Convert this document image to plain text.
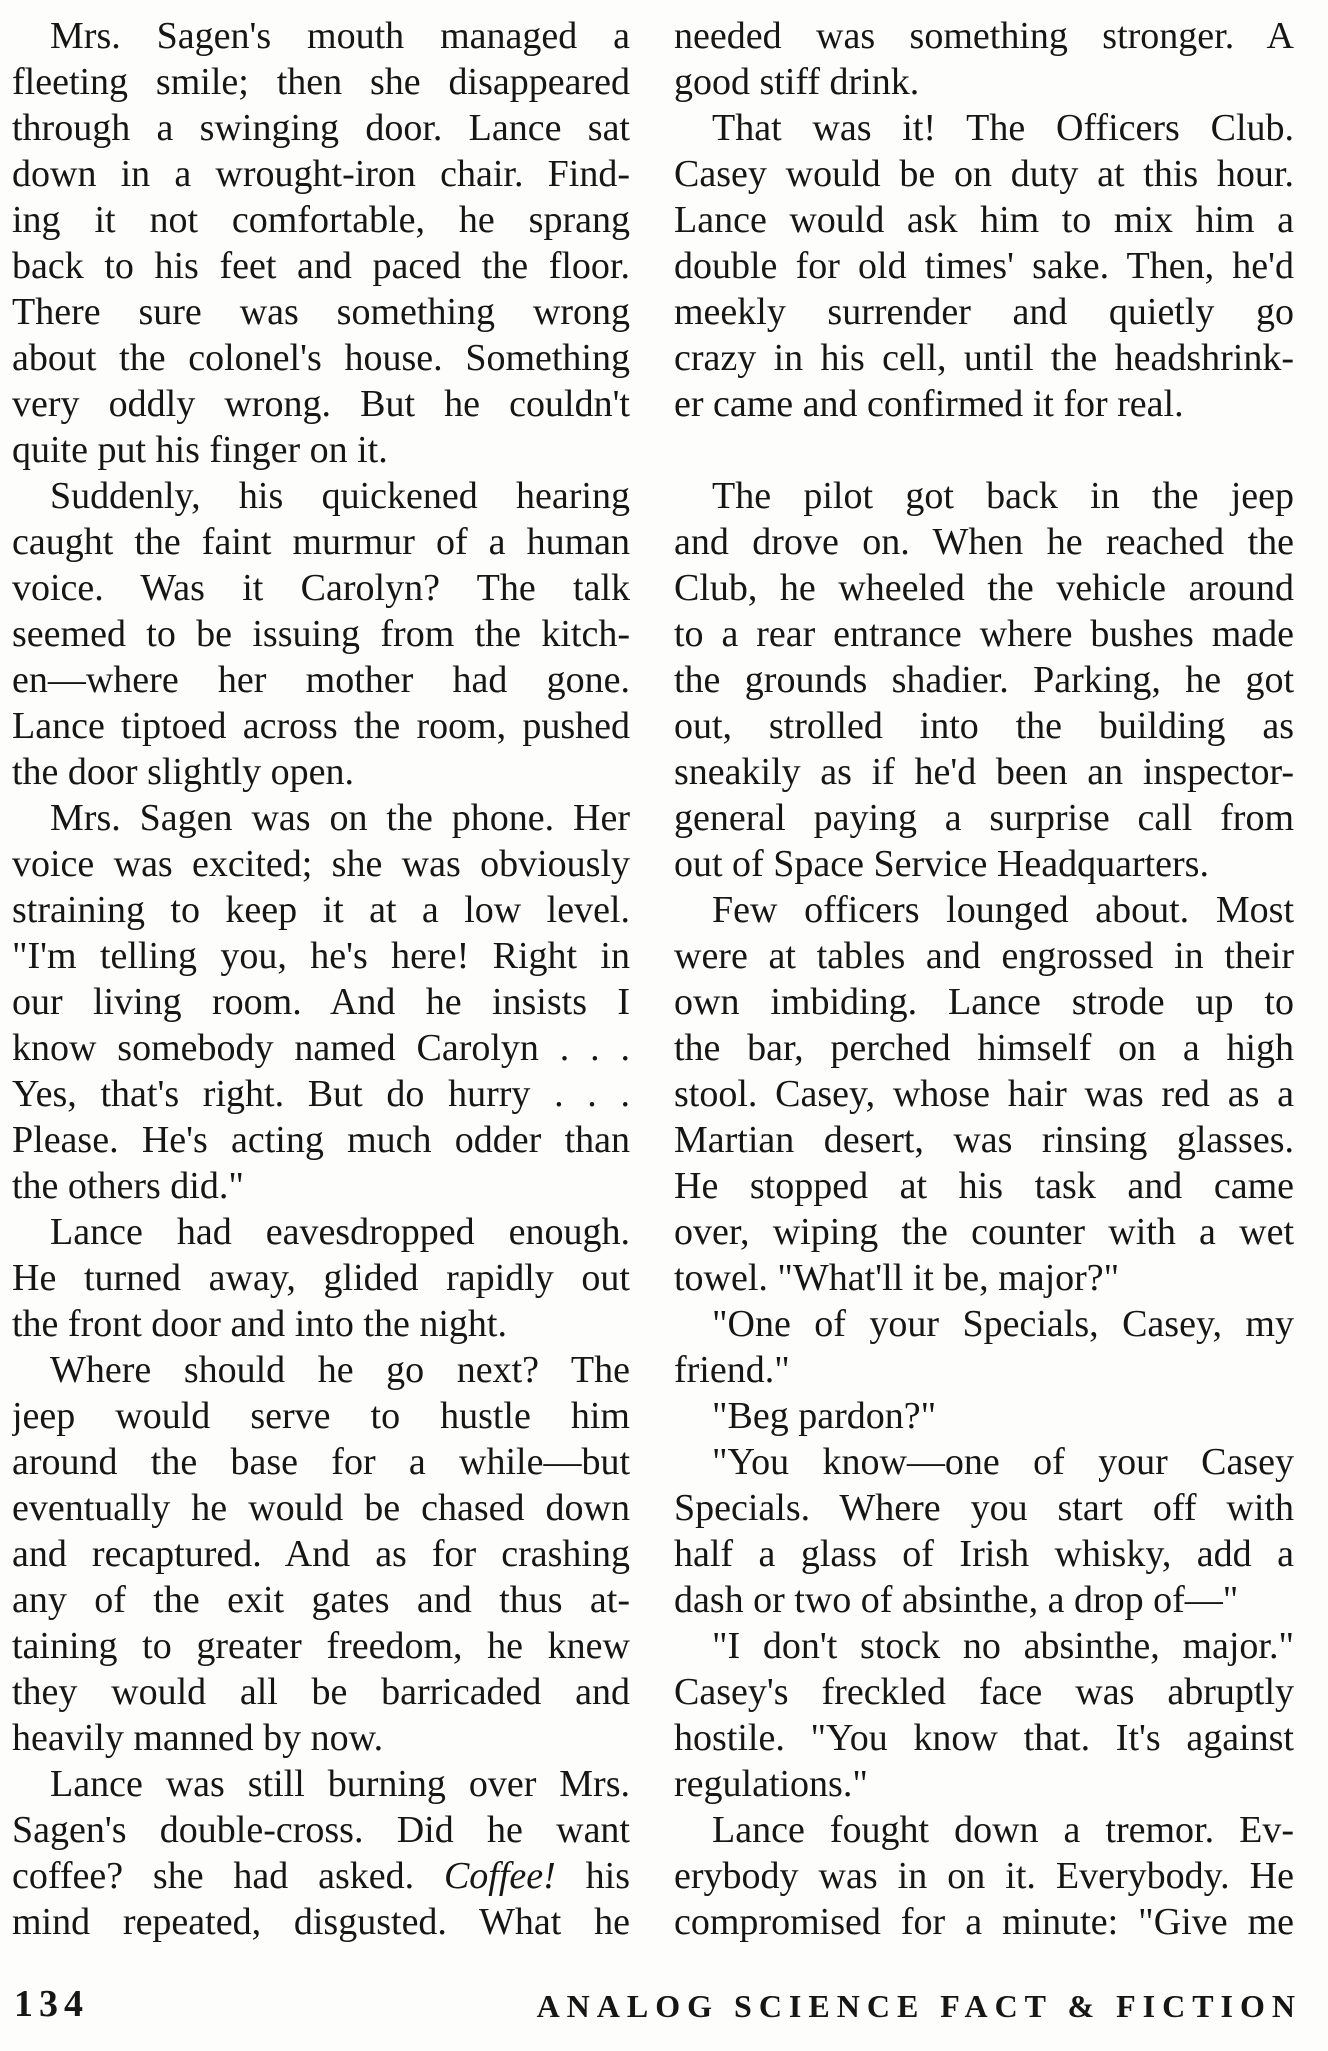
Mrs. Sagen's mouth managed a
fleeting smile; then she disappeared
through a swinging door. Lance sat
down in a wrought-iron chair. Find-
ing it not comfortable, he sprang
back to his feet and paced the floor.
There sure was something wrong
about the colonel's house. Something
very oddly wrong. But he couldn't
quite put his finger on it.
Suddenly, his quickened hearing
caught the faint murmur of a human
voice. Was it Carolyn? The talk
seemed to be issuing from the kitch-
en—where her mother had gone.
Lance tiptoed across the room, pushed
the door slightly open.
Mrs. Sagen was on the phone. Her
voice was excited; she was obviously
straining to keep it at a low level.
"I'm telling you, he's here! Right in
our living room. And he insists I
know somebody named Carolyn . . .
Yes, that's right. But do hurry . . .
Please. He's acting much odder than
the others did."
Lance had eavesdropped enough.
He turned away, glided rapidly out
the front door and into the night.
Where should he go next? The
jeep would serve to hustle him
around the base for a while—but
eventually he would be chased down
and recaptured. And as for crashing
any of the exit gates and thus at-
taining to greater freedom, he knew
they would all be barricaded and
heavily manned by now.
Lance was still burning over Mrs.
Sagen's double-cross. Did he want
coffee? she had asked. Coffee! his
mind repeated, disgusted. What he
needed was something stronger. A
good stiff drink.
That was it! The Officers Club.
Casey would be on duty at this hour.
Lance would ask him to mix him a
double for old times' sake. Then, he'd
meekly surrender and quietly go
crazy in his cell, until the headshrink-
er came and confirmed it for real.
The pilot got back in the jeep
and drove on. When he reached the
Club, he wheeled the vehicle around
to a rear entrance where bushes made
the grounds shadier. Parking, he got
out, strolled into the building as
sneakily as if he'd been an inspector-
general paying a surprise call from
out of Space Service Headquarters.
Few officers lounged about. Most
were at tables and engrossed in their
own imbiding. Lance strode up to
the bar, perched himself on a high
stool. Casey, whose hair was red as a
Martian desert, was rinsing glasses.
He stopped at his task and came
over, wiping the counter with a wet
towel. "What'll it be, major?"
"One of your Specials, Casey, my
friend."
"Beg pardon?"
"You know—one of your Casey
Specials. Where you start off with
half a glass of Irish whisky, add a
dash or two of absinthe, a drop of—"
"I don't stock no absinthe, major."
Casey's freckled face was abruptly
hostile. "You know that. It's against
regulations."
Lance fought down a tremor. Ev-
erybody was in on it. Everybody. He
compromised for a minute: "Give me
134	ANALOG SCIENCE FACT & FICTION
